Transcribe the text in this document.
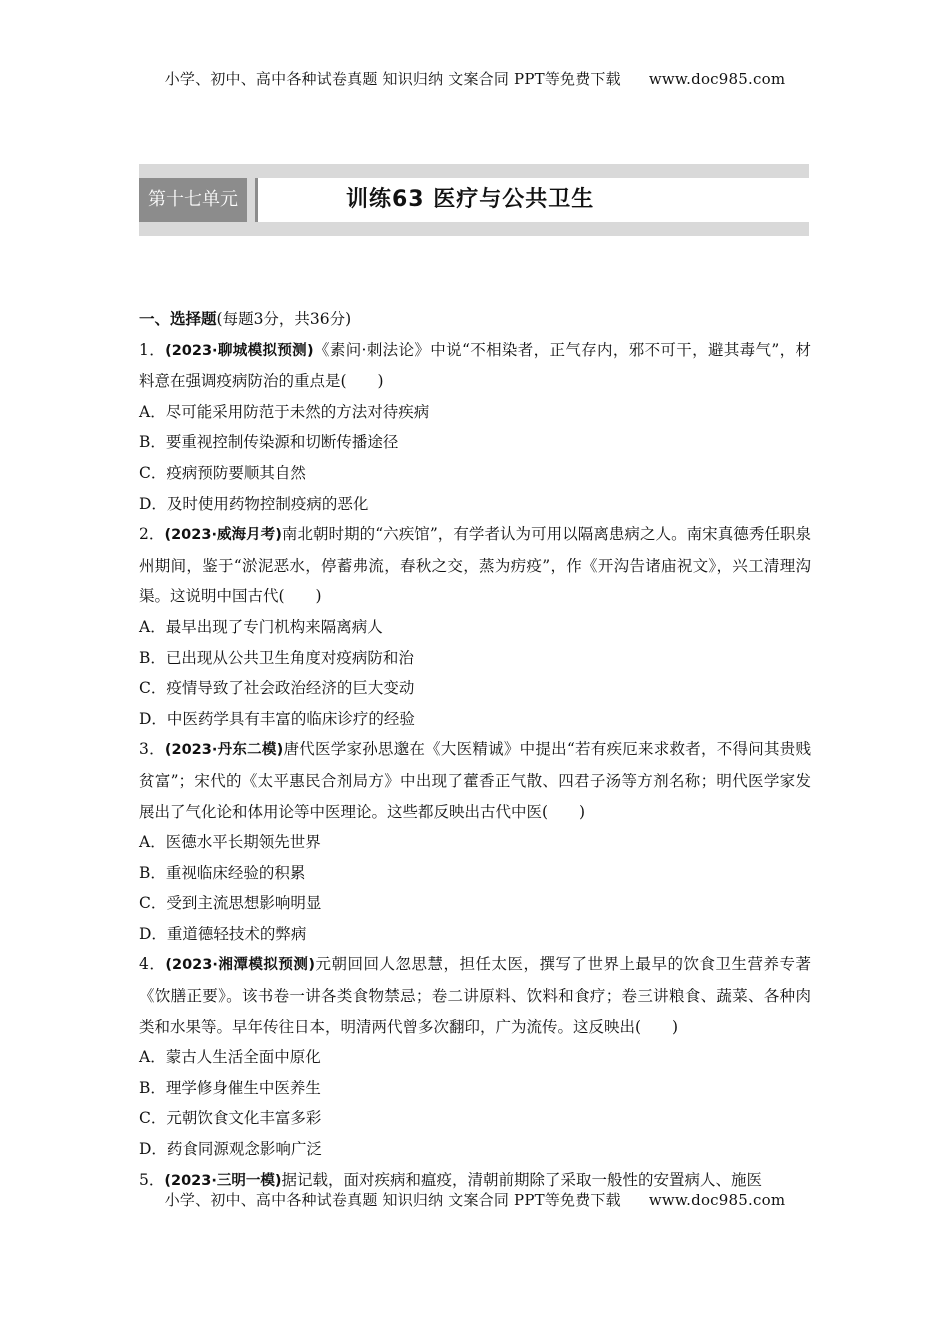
小学、初中、高中各种试卷真题 知识归纳 文案合同 PPT等免费下载 www.doc985.com
第十七单元	训练63 医疗与公共卫生

一、选择题(每题3分，共36分)

1．(2023·聊城模拟预测)《素问·刺法论》中说“不相染者，正气存内，邪不可干，避其毒气”，材料意在强调疫病防治的重点是(　　)

A．尽可能采用防范于未然的方法对待疾病

B．要重视控制传染源和切断传播途径

C．疫病预防要顺其自然

D．及时使用药物控制疫病的恶化

2．(2023·威海月考)南北朝时期的“六疾馆”，有学者认为可用以隔离患病之人。南宋真德秀任职泉州期间，鉴于“淤泥恶水，停蓄弗流，春秋之交，蒸为疠疫”，作《开沟告诸庙祝文》，兴工清理沟渠。这说明中国古代(　　)

A．最早出现了专门机构来隔离病人

B．已出现从公共卫生角度对疫病防和治

C．疫情导致了社会政治经济的巨大变动

D．中医药学具有丰富的临床诊疗的经验

3．(2023·丹东二模)唐代医学家孙思邈在《大医精诚》中提出“若有疾厄来求救者，不得问其贵贱贫富”；宋代的《太平惠民合剂局方》中出现了藿香正气散、四君子汤等方剂名称；明代医学家发展出了气化论和体用论等中医理论。这些都反映出古代中医(　　)

A．医德水平长期领先世界

B．重视临床经验的积累

C．受到主流思想影响明显

D．重道德轻技术的弊病

4．(2023·湘潭模拟预测)元朝回回人忽思慧，担任太医，撰写了世界上最早的饮食卫生营养专著《饮膳正要》。该书卷一讲各类食物禁忌；卷二讲原料、饮料和食疗；卷三讲粮食、蔬菜、各种肉类和水果等。早年传往日本，明清两代曾多次翻印，广为流传。这反映出(　　)

A．蒙古人生活全面中原化

B．理学修身催生中医养生

C．元朝饮食文化丰富多彩

D．药食同源观念影响广泛

5．(2023·三明一模)据记载，面对疾病和瘟疫，清朝前期除了采取一般性的安置病人、施医

小学、初中、高中各种试卷真题 知识归纳 文案合同 PPT等免费下载 www.doc985.com
